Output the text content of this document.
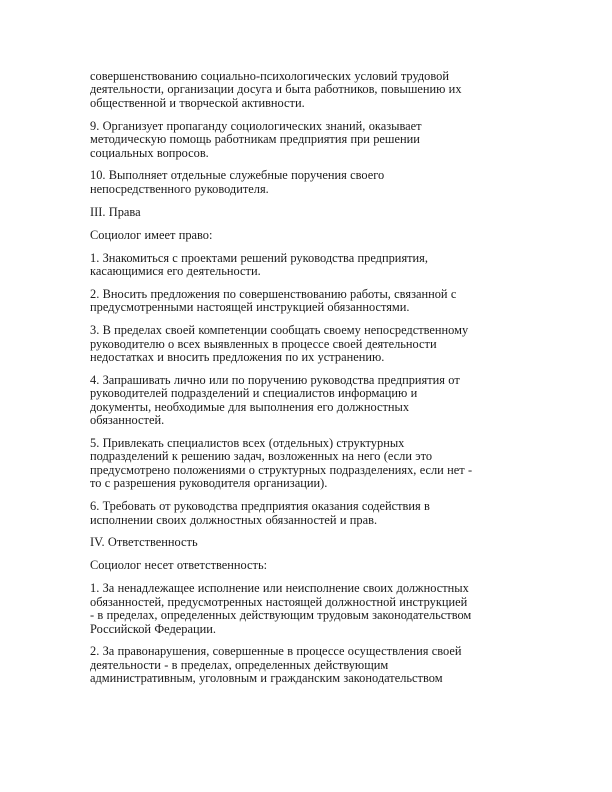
совершенствованию социально-психологических условий трудовой
деятельности, организации досуга и быта работников, повышению их
общественной и творческой активности.

9. Организует пропаганду социологических знаний, оказывает
методическую помощь работникам предприятия при решении
социальных вопросов.

10. Выполняет отдельные служебные поручения своего
непосредственного руководителя.

III. Права

Социолог имеет право:

1. Знакомиться с проектами решений руководства предприятия,
касающимися его деятельности.

2. Вносить предложения по совершенствованию работы, связанной с
предусмотренными настоящей инструкцией обязанностями.

3. В пределах своей компетенции сообщать своему непосредственному
руководителю о всех выявленных в процессе своей деятельности
недостатках и вносить предложения по их устранению.

4. Запрашивать лично или по поручению руководства предприятия от
руководителей подразделений и специалистов информацию и
документы, необходимые для выполнения его должностных
обязанностей.

5. Привлекать специалистов всех (отдельных) структурных
подразделений к решению задач, возложенных на него (если это
предусмотрено положениями о структурных подразделениях, если нет -
то с разрешения руководителя организации).

6. Требовать от руководства предприятия оказания содействия в
исполнении своих должностных обязанностей и прав.

IV. Ответственность

Социолог несет ответственность:

1. За ненадлежащее исполнение или неисполнение своих должностных
обязанностей, предусмотренных настоящей должностной инструкцией
- в пределах, определенных действующим трудовым законодательством
Российской Федерации.

2. За правонарушения, совершенные в процессе осуществления своей
деятельности - в пределах, определенных действующим
административным, уголовным и гражданским законодательством
